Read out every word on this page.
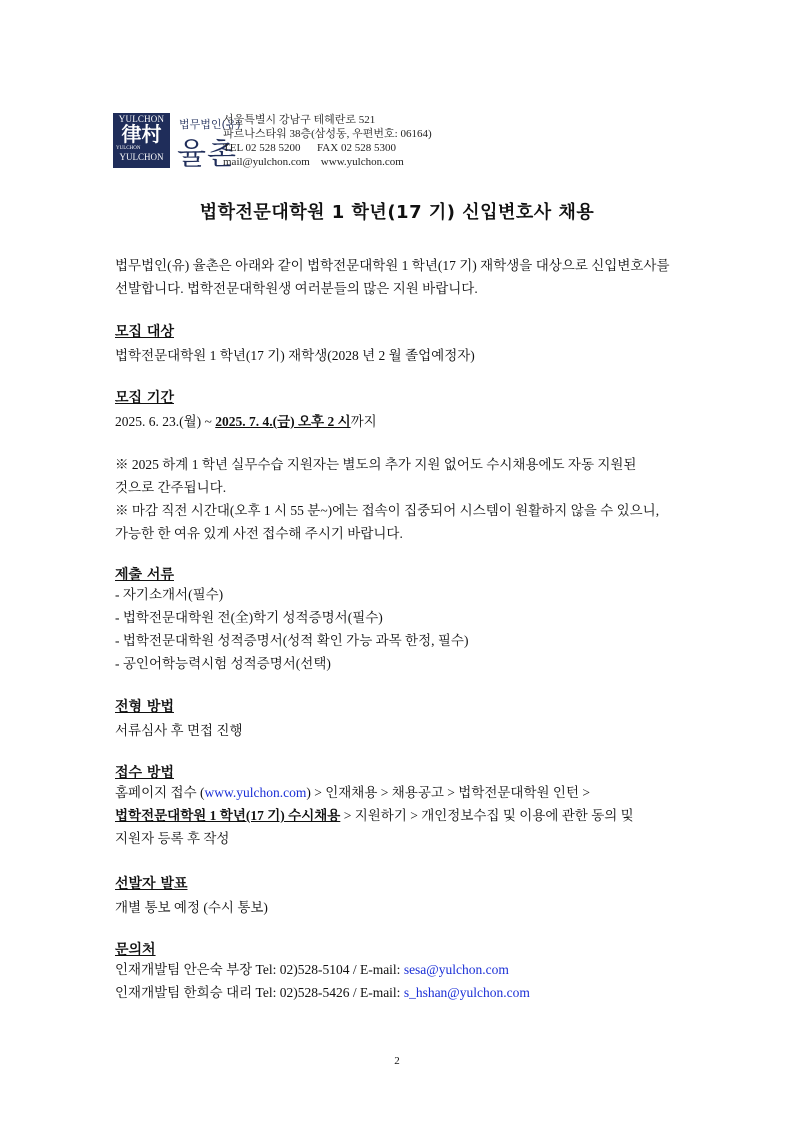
YULCHON
律村
YULCHON
YULCHON
법무법인(유)
율촌
서울특별시 강남구 테헤란로 521
파르나스타워 38층(삼성동, 우편번호: 06164)
TEL 02 528 5200      FAX 02 528 5300
mail@yulchon.com    www.yulchon.com
법학전문대학원 1 학년(17 기) 신입변호사 채용
법무법인(유) 율촌은 아래와 같이 법학전문대학원 1 학년(17 기) 재학생을 대상으로 신입변호사를
선발합니다. 법학전문대학원생 여러분들의 많은 지원 바랍니다.
모집 대상
법학전문대학원 1 학년(17 기) 재학생(2028 년 2 월 졸업예정자)
모집 기간
2025. 6. 23.(월) ~ 2025. 7. 4.(금) 오후 2 시까지
※ 2025 하계 1 학년 실무수습 지원자는 별도의 추가 지원 없어도 수시채용에도 자동 지원된
것으로 간주됩니다.
※ 마감 직전 시간대(오후 1 시 55 분~)에는 접속이 집중되어 시스템이 원활하지 않을 수 있으니,
가능한 한 여유 있게 사전 접수해 주시기 바랍니다.
제출 서류
- 자기소개서(필수)
- 법학전문대학원 전(全)학기 성적증명서(필수)
- 법학전문대학원 성적증명서(성적 확인 가능 과목 한정, 필수)
- 공인어학능력시험 성적증명서(선택)
전형 방법
서류심사 후 면접 진행
접수 방법
홈페이지 접수 (www.yulchon.com) > 인재채용 > 채용공고 > 법학전문대학원 인턴 >
법학전문대학원 1 학년(17 기) 수시채용 > 지원하기 > 개인정보수집 및 이용에 관한 동의 및
지원자 등록 후 작성
선발자 발표
개별 통보 예정 (수시 통보)
문의처
인재개발팀 안은숙 부장 Tel: 02)528-5104 / E-mail: sesa@yulchon.com
인재개발팀 한희승 대리 Tel: 02)528-5426 / E-mail: s_hshan@yulchon.com
2
